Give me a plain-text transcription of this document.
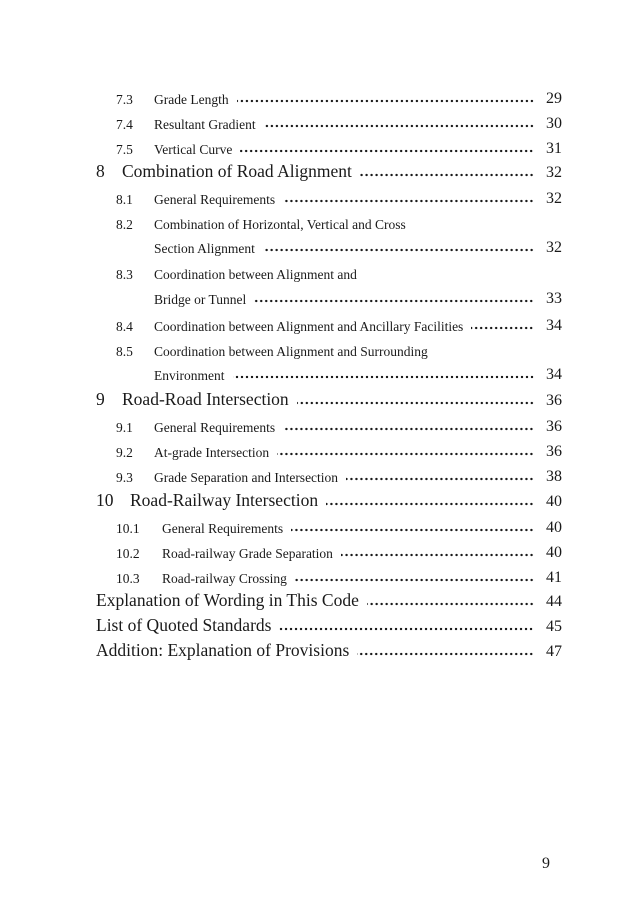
7.3	Grade Length	29
7.4	Resultant Gradient	30
7.5	Vertical Curve	31
8 Combination of Road Alignment	32
8.1	General Requirements	32
8.2	Combination of Horizontal, Vertical and Cross
Section Alignment	32
8.3	Coordination between Alignment and
Bridge or Tunnel	33
8.4	Coordination between Alignment and Ancillary Facilities	34
8.5	Coordination between Alignment and Surrounding
Environment	34
9 Road-Road Intersection	36
9.1	General Requirements	36
9.2	At-grade Intersection	36
9.3	Grade Separation and Intersection	38
10 Road-Railway Intersection	40
10.1	General Requirements	40
10.2	Road-railway Grade Separation	40
10.3	Road-railway Crossing	41
Explanation of Wording in This Code	44
List of Quoted Standards	45
Addition: Explanation of Provisions	47
9
